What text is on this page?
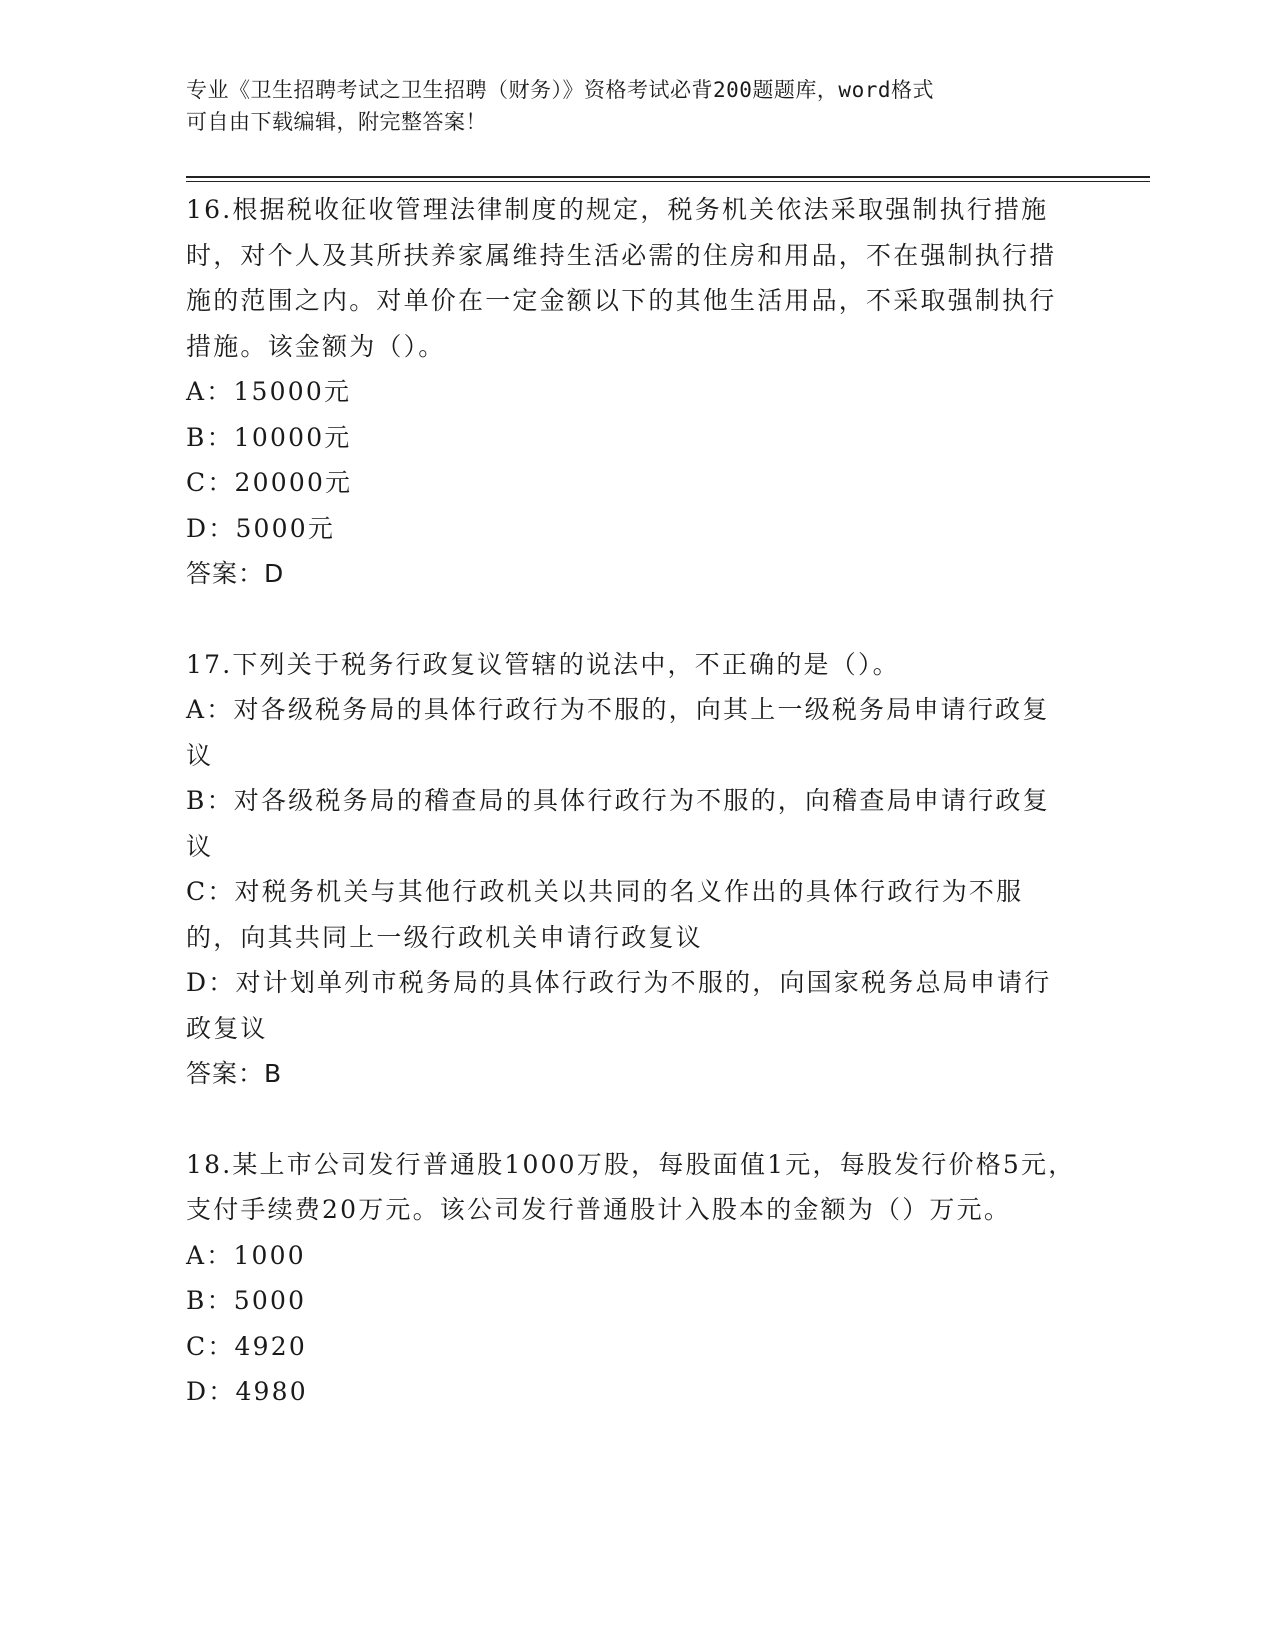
专业《卫生招聘考试之卫生招聘（财务）》资格考试必背200题题库，word格式
可自由下载编辑，附完整答案！

16.根据税收征收管理法律制度的规定，税务机关依法采取强制执行措施时，对个人及其所扶养家属维持生活必需的住房和用品，不在强制执行措施的范围之内。对单价在一定金额以下的其他生活用品，不采取强制执行措施。该金额为（）。

A：15000元

B：10000元

C：20000元

D：5000元

答案：D

17.下列关于税务行政复议管辖的说法中，不正确的是（）。

A：对各级税务局的具体行政行为不服的，向其上一级税务局申请行政复议

B：对各级税务局的稽查局的具体行政行为不服的，向稽查局申请行政复议

C：对税务机关与其他行政机关以共同的名义作出的具体行政行为不服的，向其共同上一级行政机关申请行政复议

D：对计划单列市税务局的具体行政行为不服的，向国家税务总局申请行政复议

答案：B

18.某上市公司发行普通股1000万股，每股面值1元，每股发行价格5元，支付手续费20万元。该公司发行普通股计入股本的金额为（）万元。

A：1000

B：5000

C：4920

D：4980
